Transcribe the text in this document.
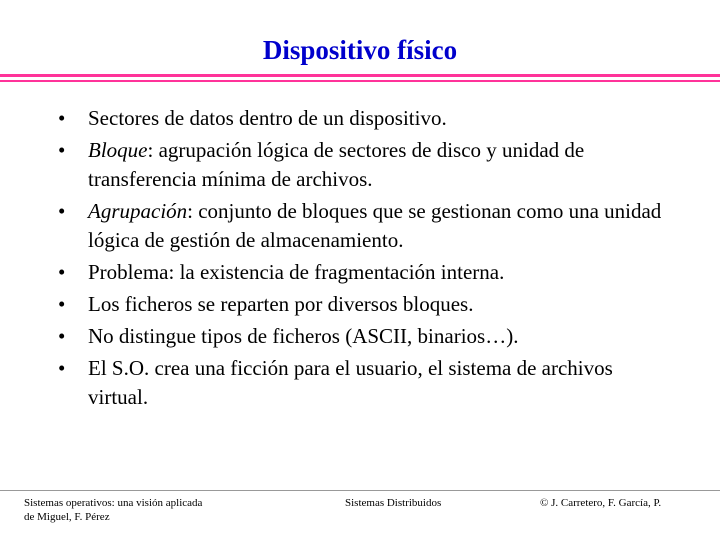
Dispositivo físico
•	Sectores de datos dentro de un dispositivo.
•	Bloque: agrupación lógica de sectores de disco y unidad de transferencia mínima de archivos.
•	Agrupación: conjunto de bloques que se gestionan como una unidad lógica de gestión de almacenamiento.
•	Problema: la existencia de fragmentación interna.
•	Los ficheros se reparten por diversos bloques.
•	No distingue tipos de ficheros (ASCII, binarios…).
•	El S.O. crea una ficción para el usuario, el sistema de archivos virtual.
Sistemas operativos: una visión aplicada
de Miguel, F. Pérez
Sistemas Distribuidos	© J. Carretero, F. García, P.
